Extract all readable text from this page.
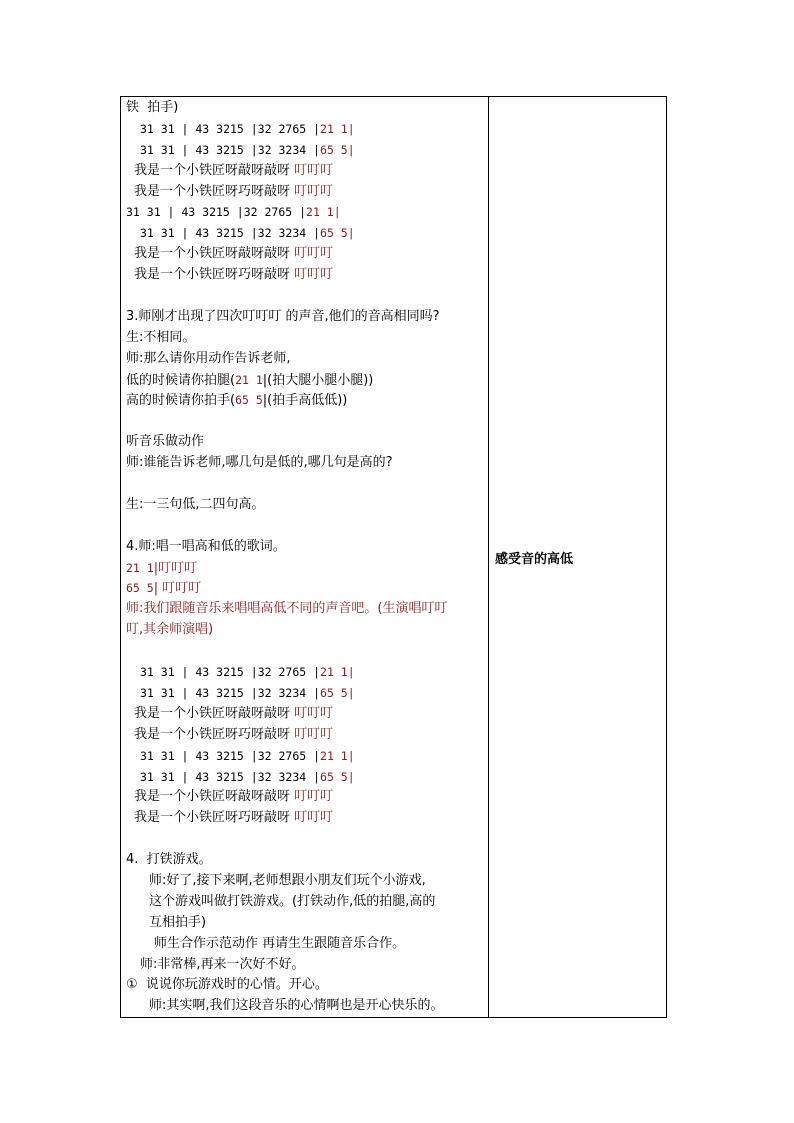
铁  拍手)
31 31 | 43 3215 |32 2765 |21 1|
31 31 | 43 3215 |32 3234 |65 5|
我是一个小铁匠呀敲呀敲呀 叮叮叮
我是一个小铁匠呀巧呀敲呀 叮叮叮
31 31 | 43 3215 |32 2765 |21 1|
31 31 | 43 3215 |32 3234 |65 5|
我是一个小铁匠呀敲呀敲呀 叮叮叮
我是一个小铁匠呀巧呀敲呀 叮叮叮
3.师刚才出现了四次叮叮叮 的声音,他们的音高相同吗?
生:不相同。
师:那么请你用动作告诉老师,
低的时候请你拍腿(21 1|(拍大腿小腿小腿))
高的时候请你拍手(65 5|(拍手高低低))
听音乐做动作
师:谁能告诉老师,哪几句是低的,哪几句是高的?
生:一三句低,二四句高。
4.师:唱一唱高和低的歌词。
21 1|叮叮叮
65 5| 叮叮叮
师:我们跟随音乐来唱唱高低不同的声音吧。(生演唱叮叮
叮,其余师演唱)
31 31 | 43 3215 |32 2765 |21 1|
31 31 | 43 3215 |32 3234 |65 5|
我是一个小铁匠呀敲呀敲呀 叮叮叮
我是一个小铁匠呀巧呀敲呀 叮叮叮
31 31 | 43 3215 |32 2765 |21 1|
31 31 | 43 3215 |32 3234 |65 5|
我是一个小铁匠呀敲呀敲呀 叮叮叮
我是一个小铁匠呀巧呀敲呀 叮叮叮
4.  打铁游戏。
师:好了,接下来啊,老师想跟小朋友们玩个小游戏,
这个游戏叫做打铁游戏。(打铁动作,低的拍腿,高的
互相拍手)
师生合作示范动作 再请生生跟随音乐合作。
师:非常棒,再来一次好不好。
①  说说你玩游戏时的心情。开心。
师:其实啊,我们这段音乐的心情啊也是开心快乐的。

感受音的高低
